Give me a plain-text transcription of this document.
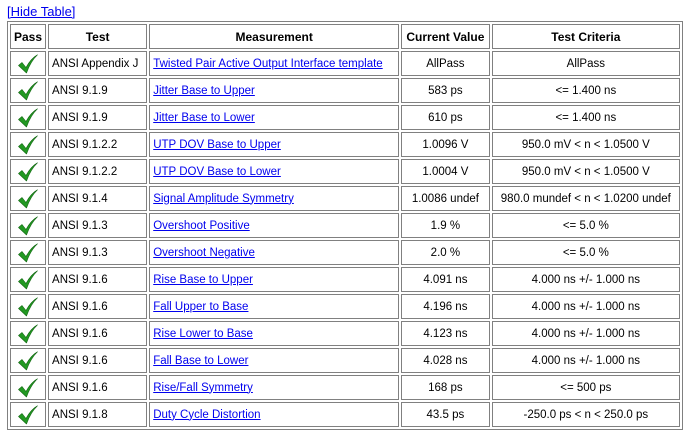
[Hide Table]
Pass	Test	Measurement	Current Value	Test Criteria

	ANSI Appendix J	Twisted Pair Active Output Interface template	AllPass	AllPass

	ANSI 9.1.9	Jitter Base to Upper	583 ps	<= 1.400 ns

	ANSI 9.1.9	Jitter Base to Lower	610 ps	<= 1.400 ns

	ANSI 9.1.2.2	UTP DOV Base to Upper	1.0096 V	950.0 mV < n < 1.0500 V

	ANSI 9.1.2.2	UTP DOV Base to Lower	1.0004 V	950.0 mV < n < 1.0500 V

	ANSI 9.1.4	Signal Amplitude Symmetry	1.0086 undef	980.0 mundef < n < 1.0200 undef

	ANSI 9.1.3	Overshoot Positive	1.9 %	<= 5.0 %

	ANSI 9.1.3	Overshoot Negative	2.0 %	<= 5.0 %

	ANSI 9.1.6	Rise Base to Upper	4.091 ns	4.000 ns +/- 1.000 ns

	ANSI 9.1.6	Fall Upper to Base	4.196 ns	4.000 ns +/- 1.000 ns

	ANSI 9.1.6	Rise Lower to Base	4.123 ns	4.000 ns +/- 1.000 ns

	ANSI 9.1.6	Fall Base to Lower	4.028 ns	4.000 ns +/- 1.000 ns

	ANSI 9.1.6	Rise/Fall Symmetry	168 ps	<= 500 ps

	ANSI 9.1.8	Duty Cycle Distortion	43.5 ps	-250.0 ps < n < 250.0 ps
